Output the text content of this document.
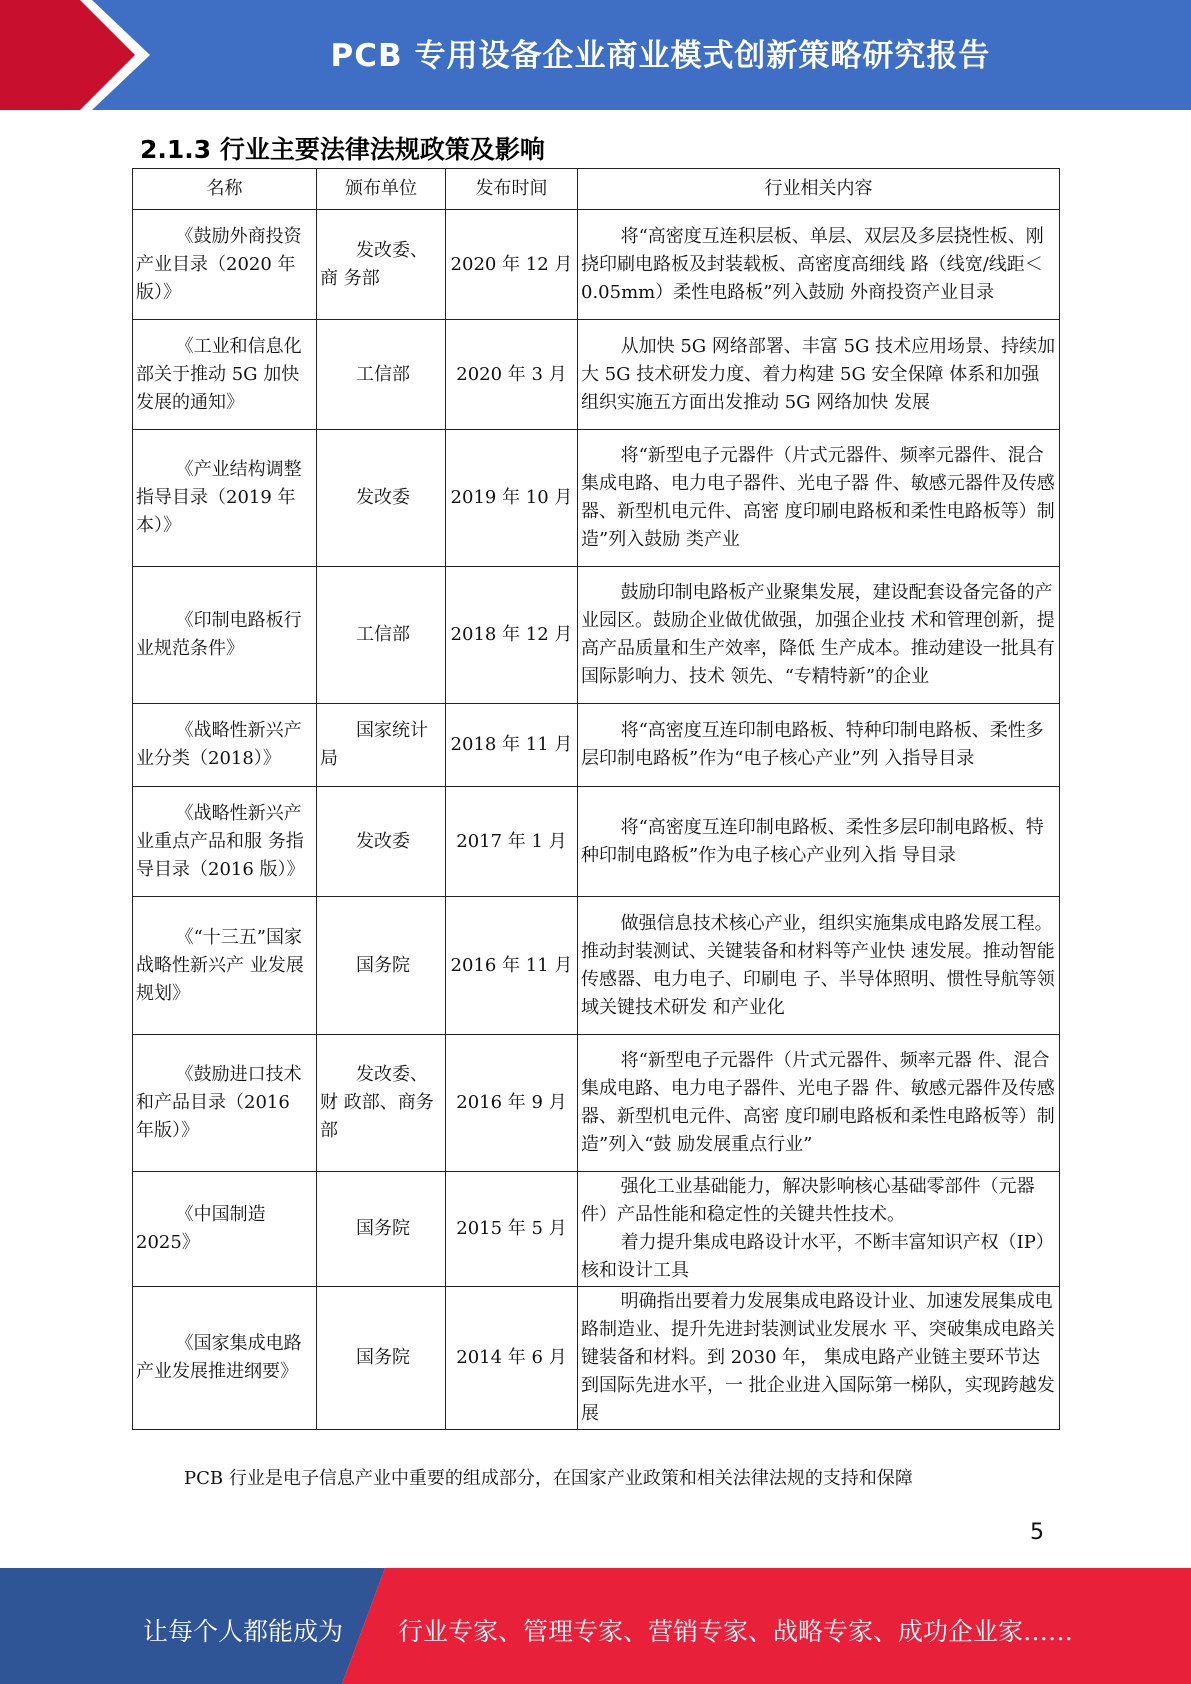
PCB 专用设备企业商业模式创新策略研究报告
2.1.3 行业主要法律法规政策及影响
名称	颁布单位	发布时间	行业相关内容
《鼓励外商投资产业目录（2020 年版）》	发改委、商 务部	2020 年 12 月	将“高密度互连积层板、单层、双层及多层挠性板、刚挠印刷电路板及封装载板、高密度高细线 路（线宽/线距＜0.05mm）柔性电路板”列入鼓励 外商投资产业目录
《工业和信息化部关于推动 5G 加快发展的通知》	工信部	2020 年 3 月	从加快 5G 网络部署、丰富 5G 技术应用场景、持续加大 5G 技术研发力度、着力构建 5G 安全保障 体系和加强组织实施五方面出发推动 5G 网络加快 发展
《产业结构调整指导目录（2019 年本）》	发改委	2019 年 10 月	将“新型电子元器件（片式元器件、频率元器件、混合集成电路、电力电子器件、光电子器 件、敏感元器件及传感器、新型机电元件、高密 度印刷电路板和柔性电路板等）制造”列入鼓励 类产业
《印制电路板行业规范条件》	工信部	2018 年 12 月	鼓励印制电路板产业聚集发展，建设配套设备完备的产业园区。鼓励企业做优做强，加强企业技 术和管理创新，提高产品质量和生产效率，降低 生产成本。推动建设一批具有国际影响力、技术 领先、“专精特新”的企业
《战略性新兴产业分类（2018）》	国家统计局	2018 年 11 月	将“高密度互连印制电路板、特种印制电路板、柔性多层印制电路板”作为“电子核心产业”列 入指导目录
《战略性新兴产业重点产品和服 务指导目录（2016 版）》	发改委	2017 年 1 月	将“高密度互连印制电路板、柔性多层印制电路板、特种印制电路板”作为电子核心产业列入指 导目录
《“十三五”国家战略性新兴产 业发展规划》	国务院	2016 年 11 月	做强信息技术核心产业，组织实施集成电路发展工程。推动封装测试、关键装备和材料等产业快 速发展。推动智能传感器、电力电子、印刷电 子、半导体照明、惯性导航等领域关键技术研发 和产业化
《鼓励进口技术和产品目录（2016 年版）》	发改委、财 政部、商务 部	2016 年 9 月	将“新型电子元器件（片式元器件、频率元器 件、混合集成电路、电力电子器件、光电子器 件、敏感元器件及传感器、新型机电元件、高密 度印刷电路板和柔性电路板等）制造”列入“鼓 励发展重点行业”
《中国制造 2025》	国务院	2015 年 5 月	强化工业基础能力，解决影响核心基础零部件（元器件）产品性能和稳定性的关键共性技术。
着力提升集成电路设计水平，不断丰富知识产权（IP）核和设计工具

《国家集成电路产业发展推进纲要》	国务院	2014 年 6 月	明确指出要着力发展集成电路设计业、加速发展集成电路制造业、提升先进封装测试业发展水 平、突破集成电路关键装备和材料。到 2030 年， 集成电路产业链主要环节达到国际先进水平，一 批企业进入国际第一梯队，实现跨越发展
PCB 行业是电子信息产业中重要的组成部分，在国家产业政策和相关法律法规的支持和保障
5
让每个人都能成为 行业专家、管理专家、营销专家、战略专家、成功企业家……
